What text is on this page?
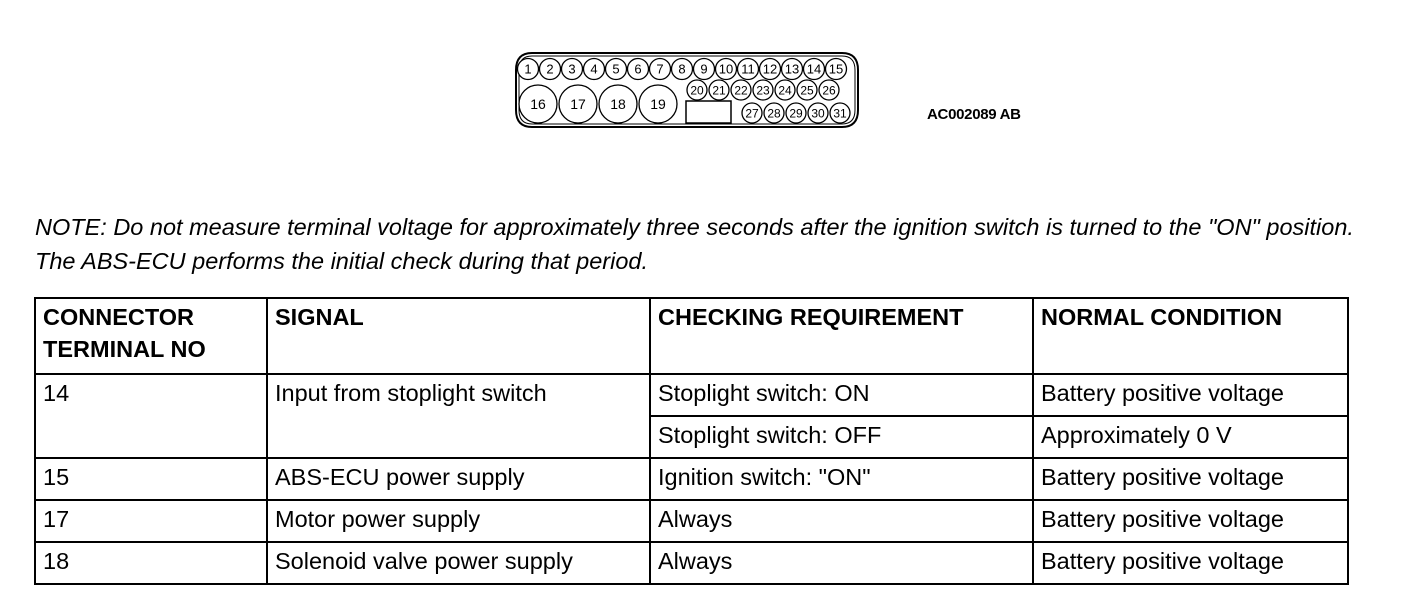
1 2 3 4 5 6 7 8 9 10 11 12 13 14 15
16 17 18 19
20 21 22 23 24 25 26
27 28 29 30 31	AC002089 AB

NOTE: Do not measure terminal voltage for approximately three seconds after the ignition switch is turned to the "ON" position. The ABS-ECU performs the initial check during that period.

CONNECTOR TERMINAL NO	SIGNAL	CHECKING REQUIREMENT	NORMAL CONDITION
14	Input from stoplight switch	Stoplight switch: ON	Battery positive voltage
		Stoplight switch: OFF	Approximately 0 V
15	ABS-ECU power supply	Ignition switch: "ON"	Battery positive voltage
17	Motor power supply	Always	Battery positive voltage
18	Solenoid valve power supply	Always	Battery positive voltage
